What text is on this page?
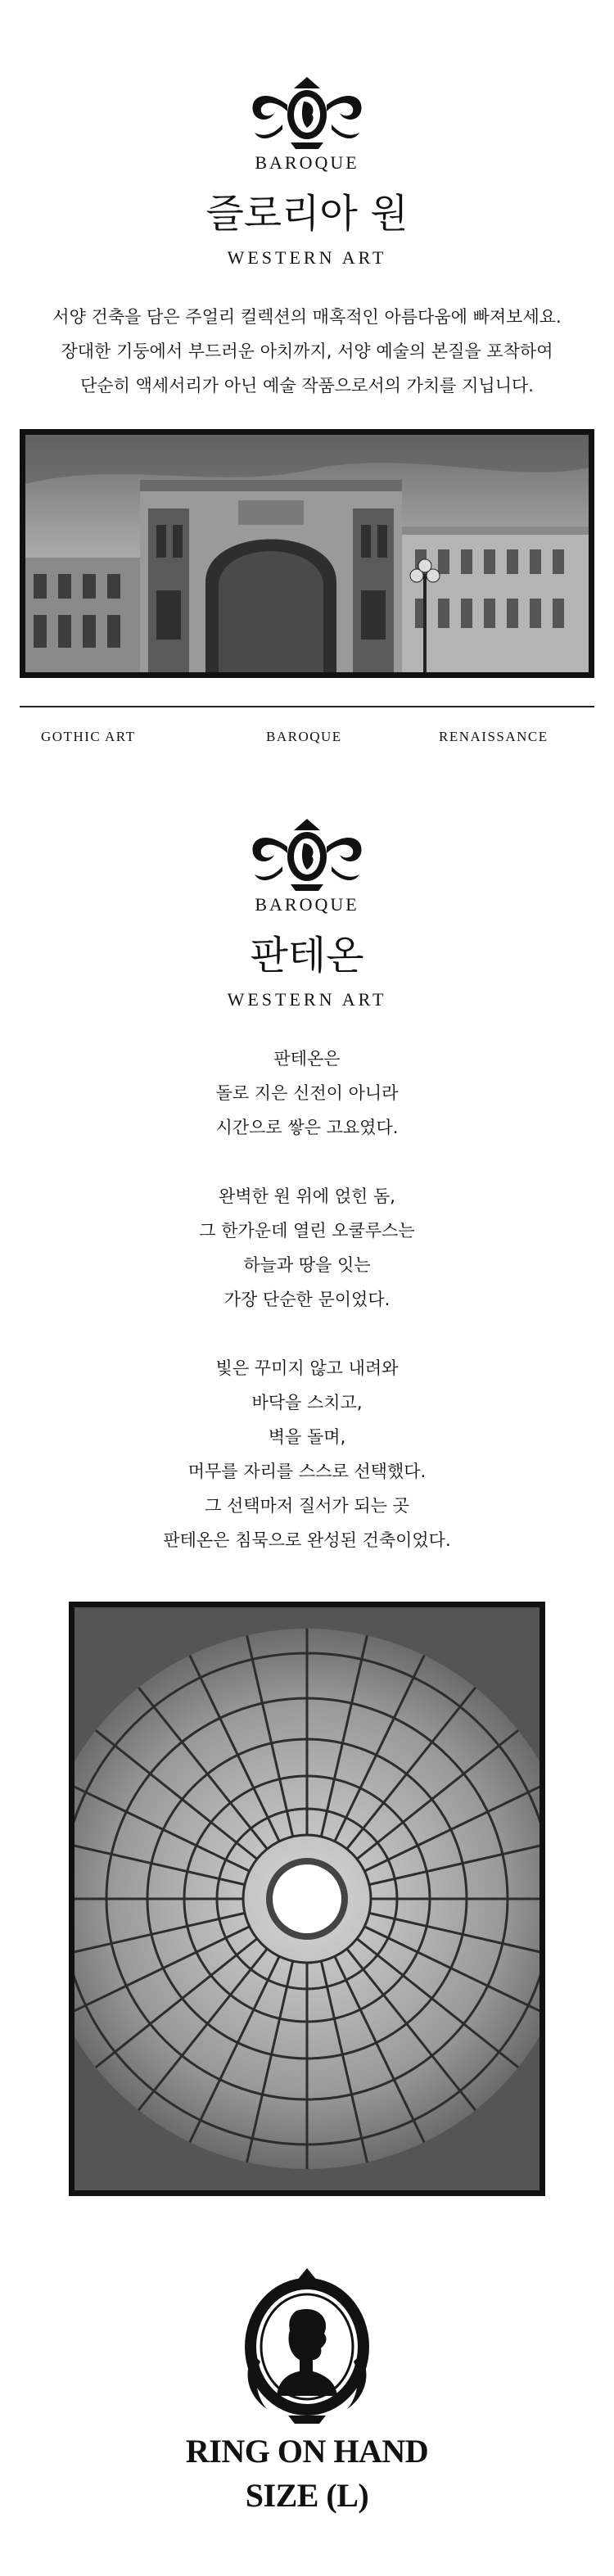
BAROQUE
즐로리아 원
WESTERN ART

서양 건축을 담은 주얼리 컬렉션의 매혹적인 아름다움에 빠져보세요.

장대한 기둥에서 부드러운 아치까지, 서양 예술의 본질을 포착하여

단순히 액세서리가 아닌 예술 작품으로서의 가치를 지닙니다.

GOTHIC ART	BAROQUE	RENAISSANCE
BAROQUE
판테온
WESTERN ART

판테온은

돌로 지은 신전이 아니라

시간으로 쌓은 고요였다.

완벽한 원 위에 얹힌 돔,

그 한가운데 열린 오쿨루스는

하늘과 땅을 잇는

가장 단순한 문이었다.

빛은 꾸미지 않고 내려와

바닥을 스치고,

벽을 돌며,

머무를 자리를 스스로 선택했다.

그 선택마저 질서가 되는 곳

판테온은 침묵으로 완성된 건축이었다.

RING ON HAND
SIZE (L)
